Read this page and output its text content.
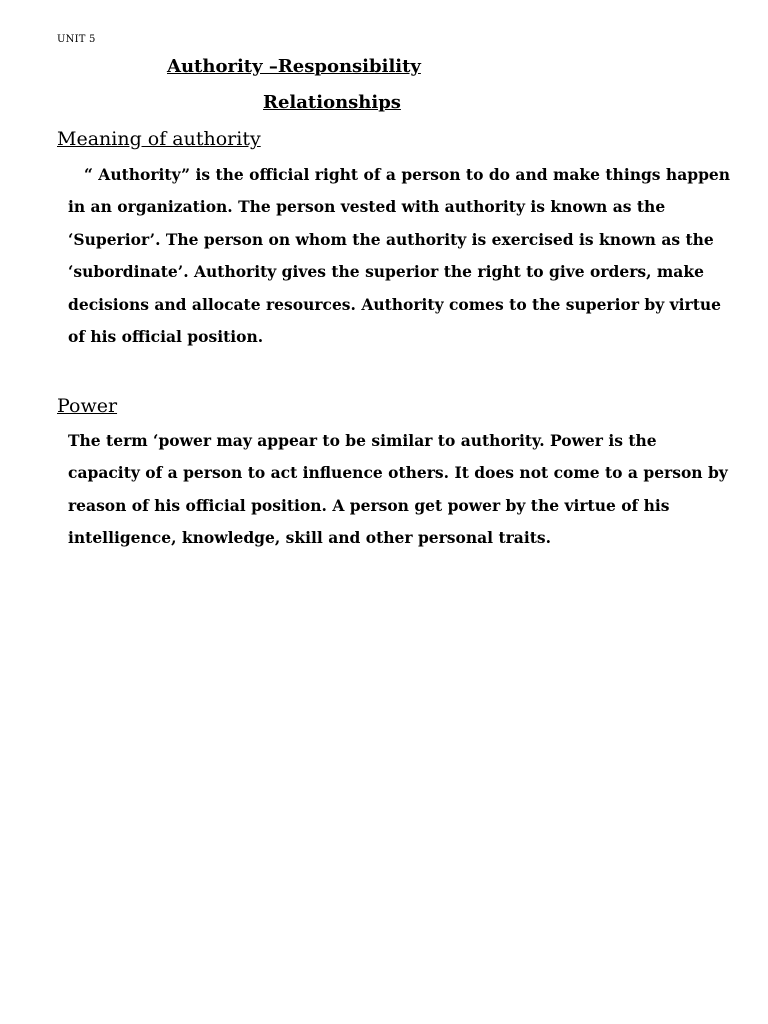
UNIT 5
Authority –Responsibility
Relationships
Meaning of authority
“ Authority” is the official right of a person to do and make things happen
in an organization. The person vested with authority is known as the
‘Superior’. The person on whom the authority is exercised is known as the
‘subordinate’. Authority gives the superior the right to give orders, make
decisions and allocate resources. Authority comes to the superior by virtue
of his official position.
Power
The term ‘power may appear to be similar to authority. Power is the
capacity of a person to act influence others. It does not come to a person by
reason of his official position. A person get power by the virtue of his
intelligence, knowledge, skill and other personal traits.
